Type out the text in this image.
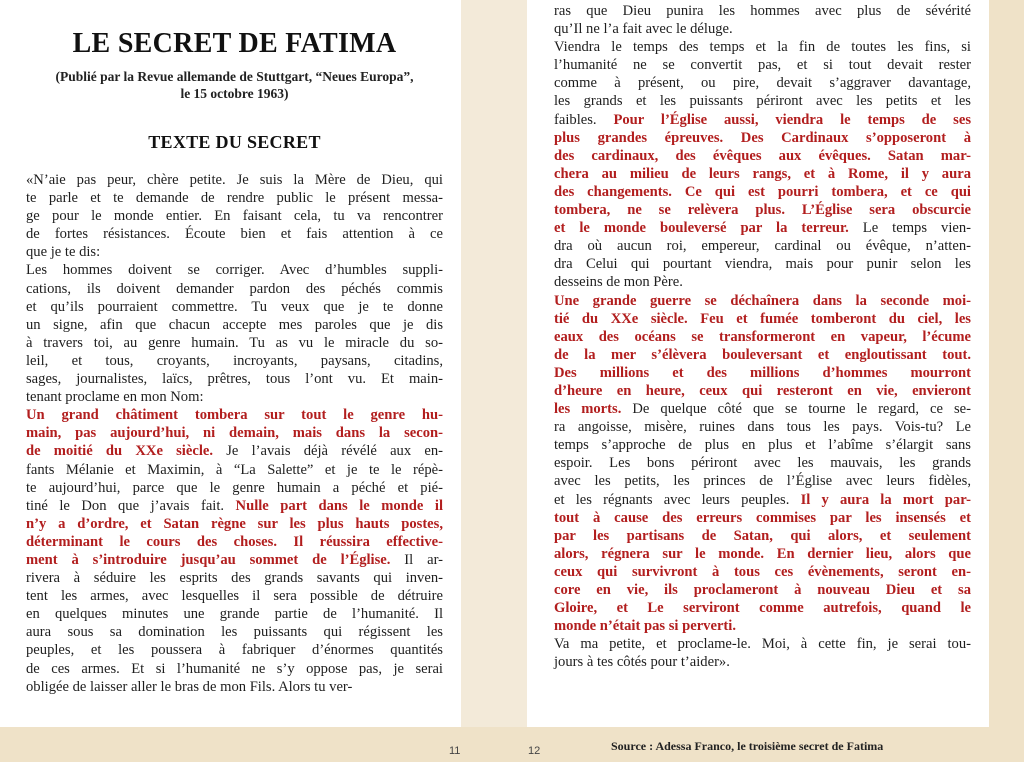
LE SECRET DE FATIMA

(Publié par la Revue allemande de Stuttgart, “Neues Europa”,
le 15 octobre 1963)

TEXTE DU SECRET
«N’aie pas peur, chère petite. Je suis la Mère de Dieu, qui
te parle et te demande de rendre public le présent messa-
ge pour le monde entier. En faisant cela, tu va rencontrer
de fortes résistances. Écoute bien et fais attention à ce
que je te dis:
Les hommes doivent se corriger. Avec d’humbles suppli-
cations, ils doivent demander pardon des péchés commis
et qu’ils pourraient commettre. Tu veux que je te donne
un signe, afin que chacun accepte mes paroles que je dis
à travers toi, au genre humain. Tu as vu le miracle du so-
leil, et tous, croyants, incroyants, paysans, citadins,
sages, journalistes, laïcs, prêtres, tous l’ont vu. Et main-
tenant proclame en mon Nom:
Un grand châtiment tombera sur tout le genre hu-
main, pas aujourd’hui, ni demain, mais dans la secon-
de moitié du XXe siècle. Je l’avais déjà révélé aux en-
fants Mélanie et Maximin, à “La Salette” et je te le répè-
te aujourd’hui, parce que le genre humain a péché et pié-
tiné le Don que j’avais fait. Nulle part dans le monde il
n’y a d’ordre, et Satan règne sur les plus hauts postes,
déterminant le cours des choses. Il réussira effective-
ment à s’introduire jusqu’au sommet de l’Église. Il ar-
rivera à séduire les esprits des grands savants qui inven-
tent les armes, avec lesquelles il sera possible de détruire
en quelques minutes une grande partie de l’humanité. Il
aura sous sa domination les puissants qui régissent les
peuples, et les poussera à fabriquer d’énormes quantités
de ces armes. Et si l’humanité ne s’y oppose pas, je serai
obligée de laisser aller le bras de mon Fils. Alors tu ver-
ras que Dieu punira les hommes avec plus de sévérité
qu’Il ne l’a fait avec le déluge.
Viendra le temps des temps et la fin de toutes les fins, si
l’humanité ne se convertit pas, et si tout devait rester
comme à présent, ou pire, devait s’aggraver davantage,
les grands et les puissants périront avec les petits et les
faibles. Pour l’Église aussi, viendra le temps de ses
plus grandes épreuves. Des Cardinaux s’opposeront à
des cardinaux, des évêques aux évêques. Satan mar-
chera au milieu de leurs rangs, et à Rome, il y aura
des changements. Ce qui est pourri tombera, et ce qui
tombera, ne se relèvera plus. L’Église sera obscurcie
et le monde bouleversé par la terreur. Le temps vien-
dra où aucun roi, empereur, cardinal ou évêque, n’atten-
dra Celui qui pourtant viendra, mais pour punir selon les
desseins de mon Père.
Une grande guerre se déchaînera dans la seconde moi-
tié du XXe siècle. Feu et fumée tomberont du ciel, les
eaux des océans se transformeront en vapeur, l’écume
de la mer s’élèvera bouleversant et engloutissant tout.
Des millions et des millions d’hommes mourront
d’heure en heure, ceux qui resteront en vie, envieront
les morts. De quelque côté que se tourne le regard, ce se-
ra angoisse, misère, ruines dans tous les pays. Vois-tu? Le
temps s’approche de plus en plus et l’abîme s’élargit sans
espoir. Les bons périront avec les mauvais, les grands
avec les petits, les princes de l’Église avec leurs fidèles,
et les régnants avec leurs peuples. Il y aura la mort par-
tout à cause des erreurs commises par les insensés et
par les partisans de Satan, qui alors, et seulement
alors, régnera sur le monde. En dernier lieu, alors que
ceux qui survivront à tous ces évènements, seront en-
core en vie, ils proclameront à nouveau Dieu et sa
Gloire, et Le serviront comme autrefois, quand le
monde n’était pas si perverti.
Va ma petite, et proclame-le. Moi, à cette fin, je serai tou-
jours à tes côtés pour t’aider».
11	12	Source : Adessa Franco, le troisième secret de Fatima
